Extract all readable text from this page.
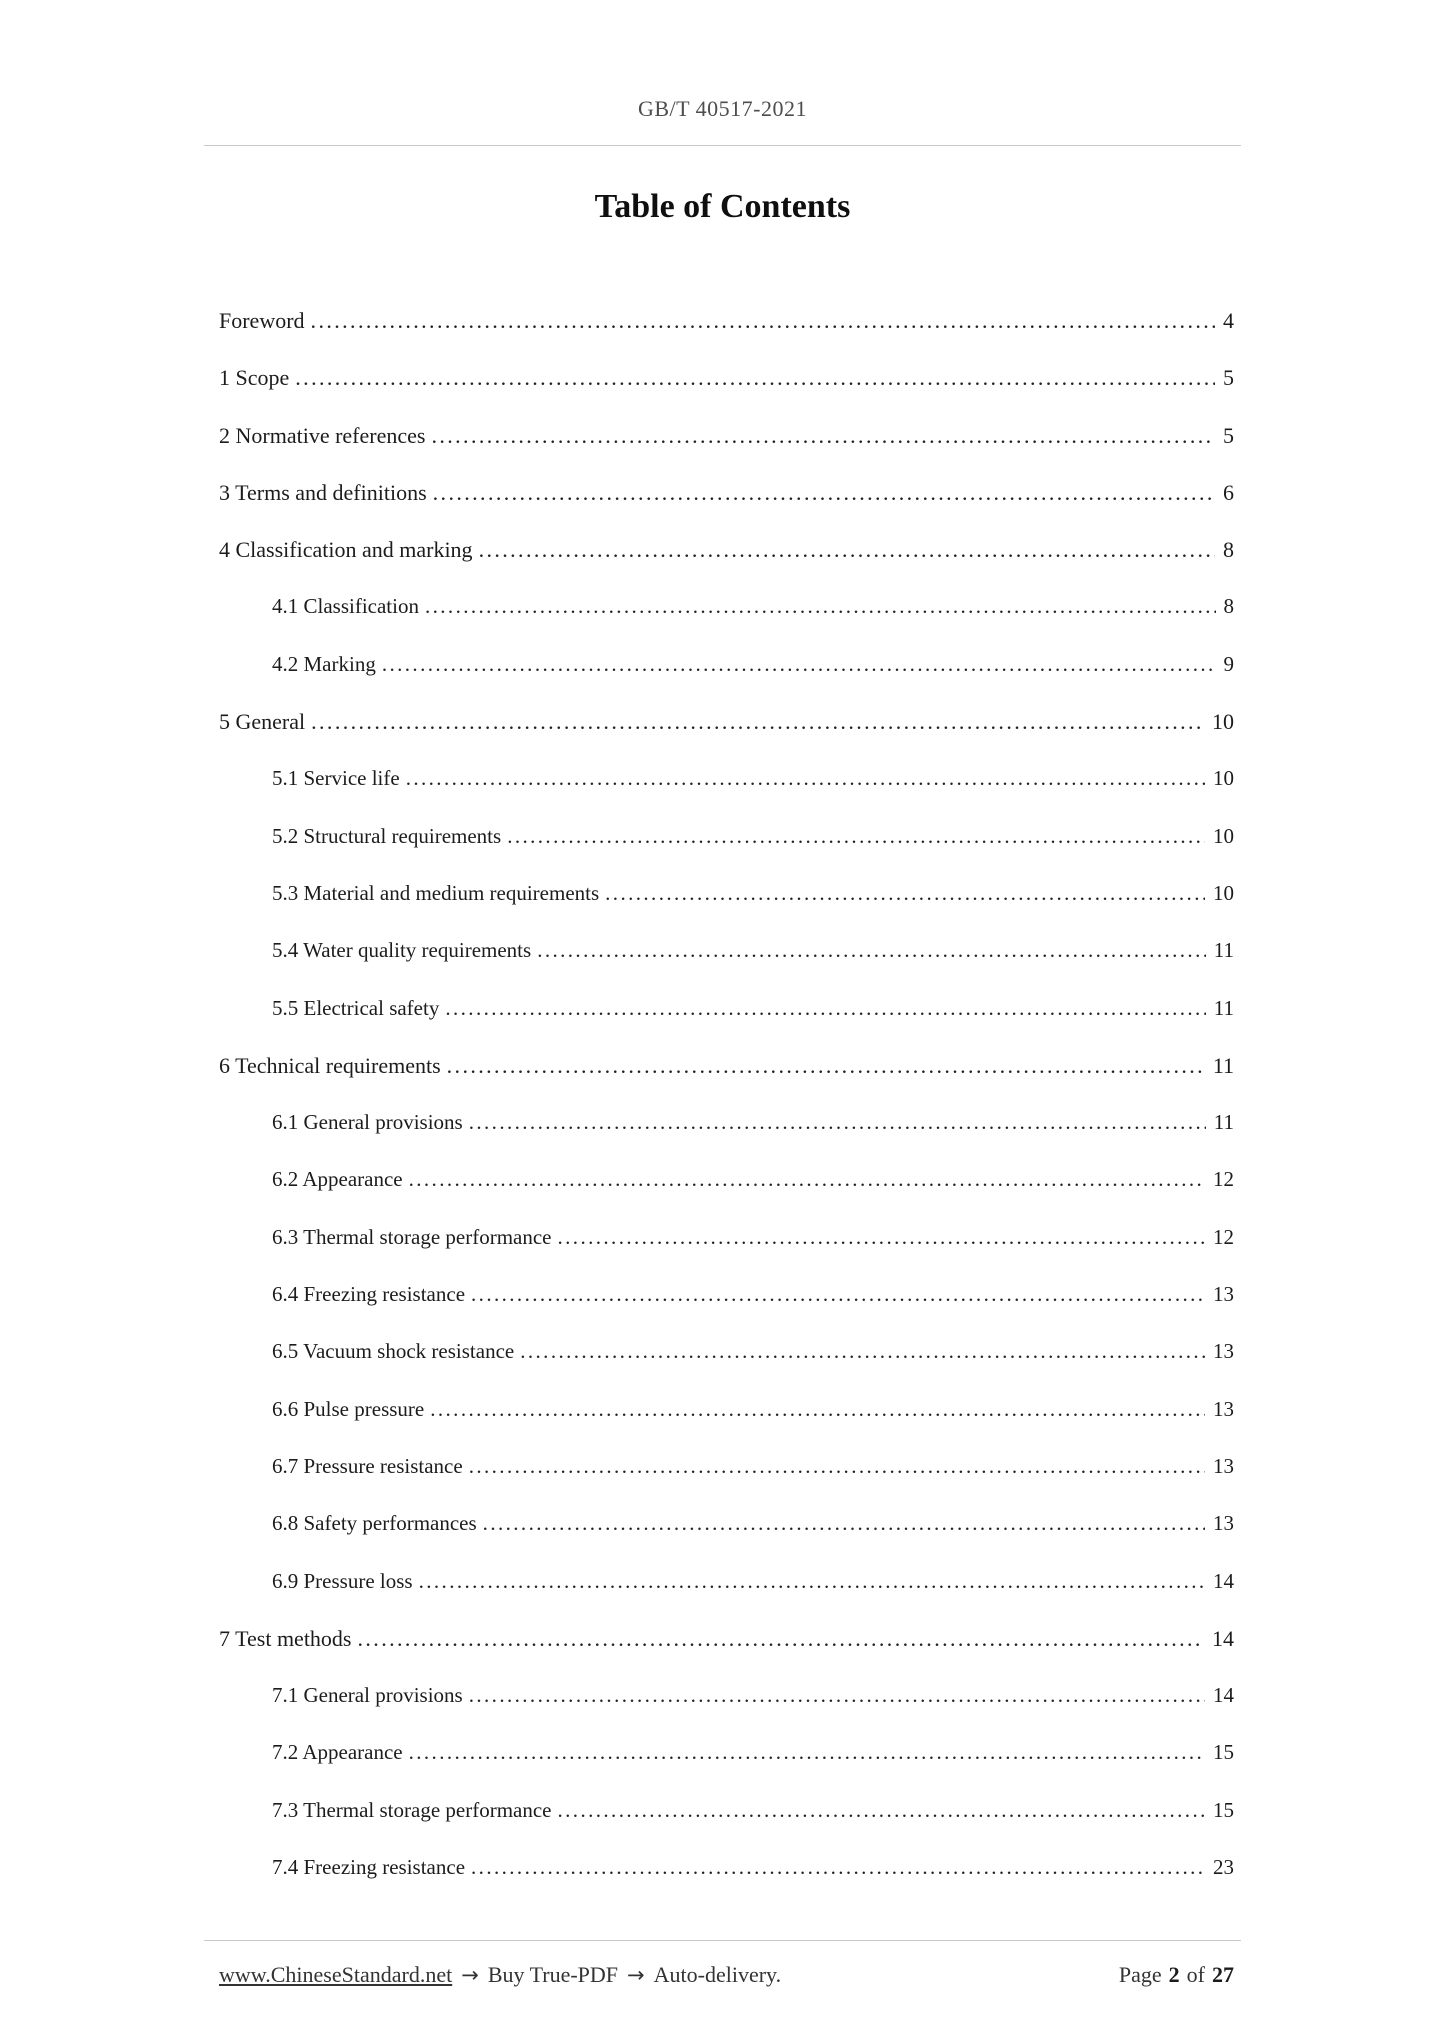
GB/T 40517-2021
Table of Contents
Foreword .....	4
1 Scope .....	5
2 Normative references .....	5
3 Terms and definitions .....	6
4 Classification and marking .....	8
4.1 Classification .....	8
4.2 Marking .....	9
5 General .....	10
5.1 Service life .....	10
5.2 Structural requirements .....	10
5.3 Material and medium requirements .....	10
5.4 Water quality requirements .....	11
5.5 Electrical safety .....	11
6 Technical requirements .....	11
6.1 General provisions .....	11
6.2 Appearance .....	12
6.3 Thermal storage performance .....	12
6.4 Freezing resistance .....	13
6.5 Vacuum shock resistance .....	13
6.6 Pulse pressure .....	13
6.7 Pressure resistance .....	13
6.8 Safety performances .....	13
6.9 Pressure loss .....	14
7 Test methods .....	14
7.1 General provisions .....	14
7.2 Appearance .....	15
7.3 Thermal storage performance .....	15
7.4 Freezing resistance .....	23
www.ChineseStandard.net → Buy True-PDF → Auto-delivery.	Page 2 of 27
